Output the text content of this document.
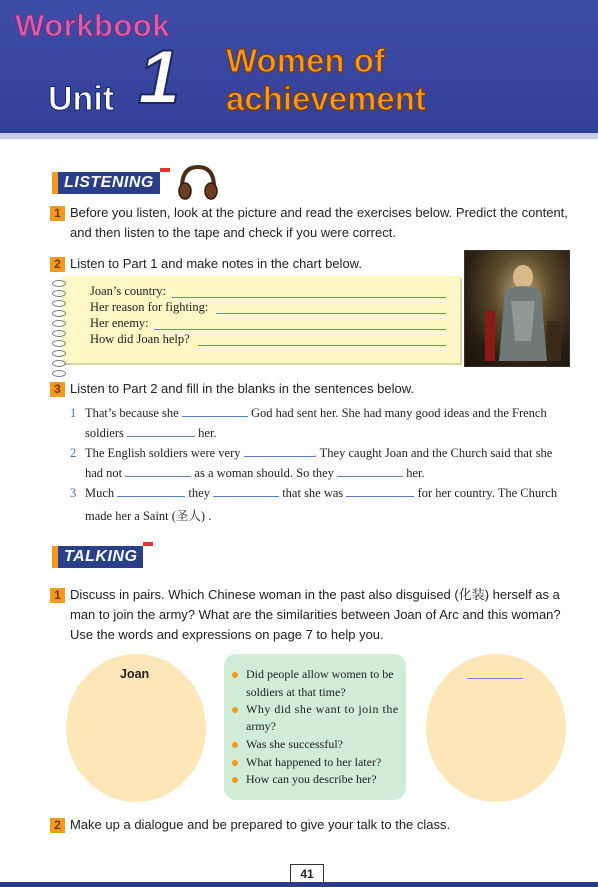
Workbook
Unit 1 Women of
achievement
LISTENING
1 Before you listen, look at the picture and read the exercises below. Predict the content,
and then listen to the tape and check if you were correct.
2 Listen to Part 1 and make notes in the chart below.
Joan’s country:
Her reason for fighting:
Her enemy:
How did Joan help?
3 Listen to Part 2 and fill in the blanks in the sentences below.
1 That’s because she	God had sent her. She had many good ideas and the French
soldiers	her.
2 The English soldiers were very	. They caught Joan and the Church said that she
had not	as a woman should. So they	her.
3 Much	they	that she was	for her country. The Church
made her a Saint (圣人) .
TALKING
1 Discuss in pairs. Which Chinese woman in the past also disguised (化装) herself as a
man to join the army? What are the similarities between Joan of Arc and this woman?
Use the words and expressions on page 7 to help you.
Joan	Did people allow women to be
soldiers at that time?
Why did she want to join the
army?
Was she successful?
What happened to her later?
How can you describe her?
2 Make up a dialogue and be prepared to give your talk to the class.
41
